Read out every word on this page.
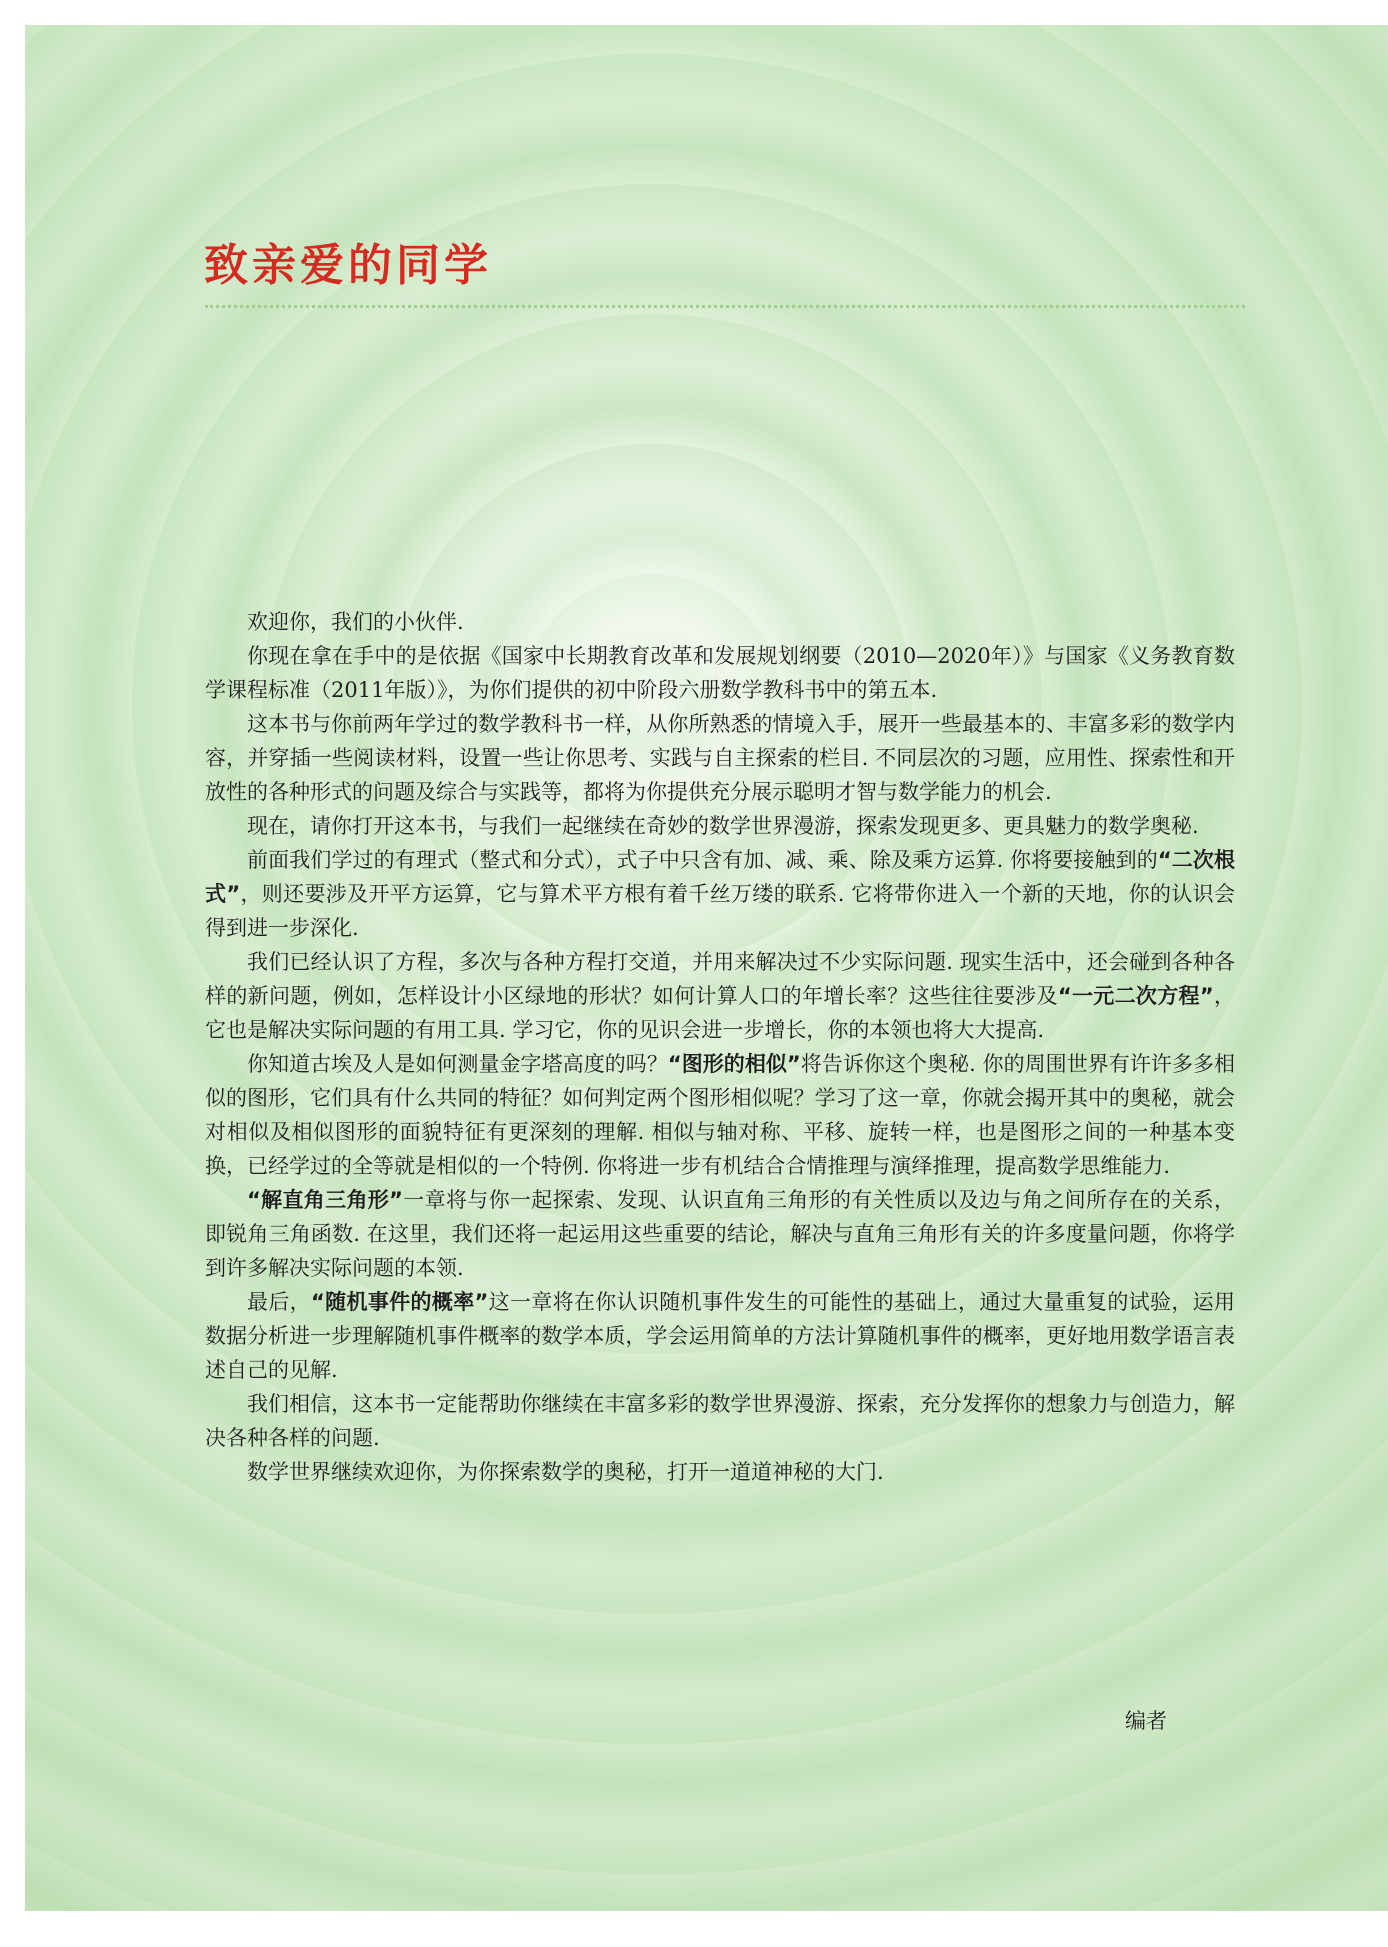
致亲爱的同学

欢迎你，我们的小伙伴.

你现在拿在手中的是依据《国家中长期教育改革和发展规划纲要（2010—2020年）》与国家《义务教育数学课程标准（2011年版）》，为你们提供的初中阶段六册数学教科书中的第五本.

这本书与你前两年学过的数学教科书一样，从你所熟悉的情境入手，展开一些最基本的、丰富多彩的数学内容，并穿插一些阅读材料，设置一些让你思考、实践与自主探索的栏目. 不同层次的习题，应用性、探索性和开放性的各种形式的问题及综合与实践等，都将为你提供充分展示聪明才智与数学能力的机会.

现在，请你打开这本书，与我们一起继续在奇妙的数学世界漫游，探索发现更多、更具魅力的数学奥秘.

前面我们学过的有理式（整式和分式），式子中只含有加、减、乘、除及乘方运算. 你将要接触到的“二次根式”，则还要涉及开平方运算，它与算术平方根有着千丝万缕的联系. 它将带你进入一个新的天地，你的认识会得到进一步深化.

我们已经认识了方程，多次与各种方程打交道，并用来解决过不少实际问题. 现实生活中，还会碰到各种各样的新问题，例如，怎样设计小区绿地的形状？如何计算人口的年增长率？这些往往要涉及“一元二次方程”，它也是解决实际问题的有用工具. 学习它，你的见识会进一步增长，你的本领也将大大提高.

你知道古埃及人是如何测量金字塔高度的吗？“图形的相似”将告诉你这个奥秘. 你的周围世界有许许多多相似的图形，它们具有什么共同的特征？如何判定两个图形相似呢？学习了这一章，你就会揭开其中的奥秘，就会对相似及相似图形的面貌特征有更深刻的理解. 相似与轴对称、平移、旋转一样，也是图形之间的一种基本变换，已经学过的全等就是相似的一个特例. 你将进一步有机结合合情推理与演绎推理，提高数学思维能力.

“解直角三角形”一章将与你一起探索、发现、认识直角三角形的有关性质以及边与角之间所存在的关系，即锐角三角函数. 在这里，我们还将一起运用这些重要的结论，解决与直角三角形有关的许多度量问题，你将学到许多解决实际问题的本领.

最后，“随机事件的概率”这一章将在你认识随机事件发生的可能性的基础上，通过大量重复的试验，运用数据分析进一步理解随机事件概率的数学本质，学会运用简单的方法计算随机事件的概率，更好地用数学语言表述自己的见解.

我们相信，这本书一定能帮助你继续在丰富多彩的数学世界漫游、探索，充分发挥你的想象力与创造力，解决各种各样的问题.

数学世界继续欢迎你，为你探索数学的奥秘，打开一道道神秘的大门.

编者
